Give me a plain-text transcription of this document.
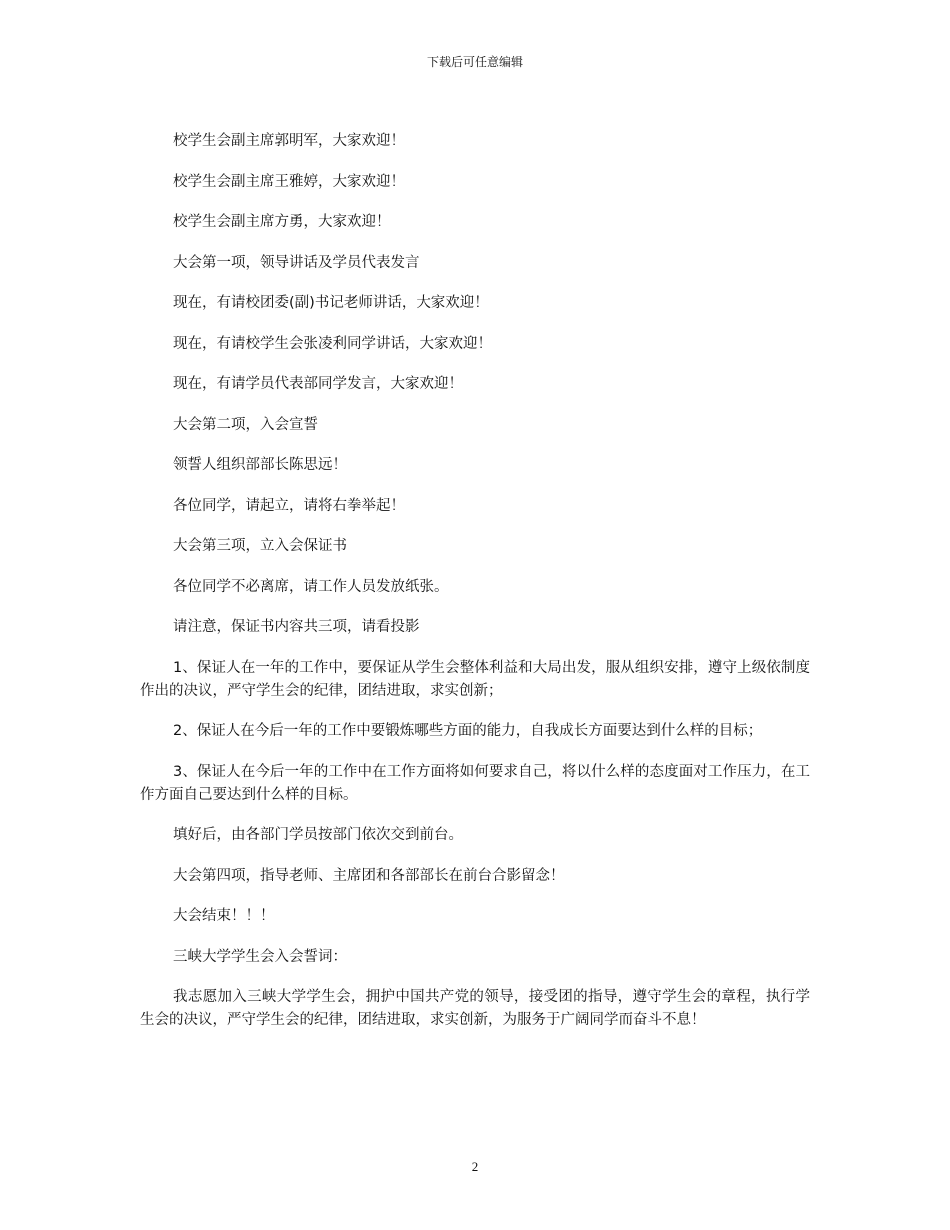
下载后可任意编辑

校学生会副主席郭明军，大家欢迎！

校学生会副主席王雅婷，大家欢迎！

校学生会副主席方勇，大家欢迎！

大会第一项，领导讲话及学员代表发言

现在，有请校团委(副)书记老师讲话，大家欢迎！

现在，有请校学生会张凌利同学讲话，大家欢迎！

现在，有请学员代表部同学发言，大家欢迎！

大会第二项，入会宣誓

领誓人组织部部长陈思远！

各位同学，请起立，请将右拳举起！

大会第三项，立入会保证书

各位同学不必离席，请工作人员发放纸张。

请注意，保证书内容共三项，请看投影

1、保证人在一年的工作中，要保证从学生会整体利益和大局出发，服从组织安排，遵守上级依制度作出的决议，严守学生会的纪律，团结进取，求实创新；

2、保证人在今后一年的工作中要锻炼哪些方面的能力，自我成长方面要达到什么样的目标；

3、保证人在今后一年的工作中在工作方面将如何要求自己，将以什么样的态度面对工作压力，在工作方面自己要达到什么样的目标。

填好后，由各部门学员按部门依次交到前台。

大会第四项，指导老师、主席团和各部部长在前台合影留念！

大会结束！！！

三峡大学学生会入会誓词：

我志愿加入三峡大学学生会，拥护中国共产党的领导，接受团的指导，遵守学生会的章程，执行学生会的决议，严守学生会的纪律，团结进取，求实创新，为服务于广阔同学而奋斗不息！

2
